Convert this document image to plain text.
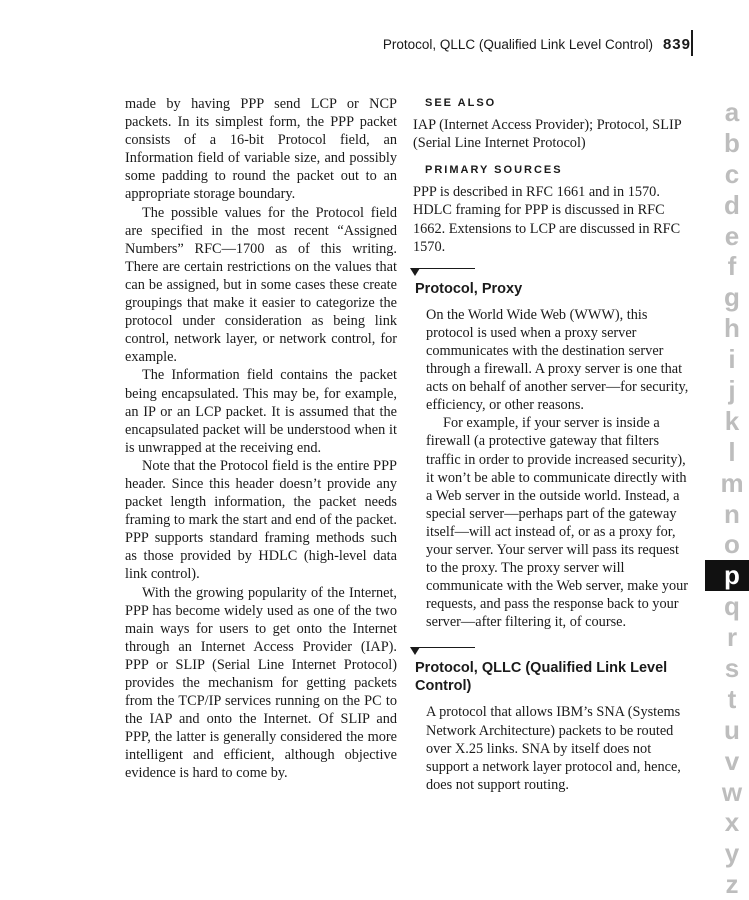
Protocol, QLLC (Qualified Link Level Control) 839

made by having PPP send LCP or NCP packets. In its simplest form, the PPP packet consists of a 16-bit Protocol field, an Information field of variable size, and possibly some padding to round the packet out to an appropriate storage boundary.

The possible values for the Protocol field are specified in the most recent “Assigned Numbers” RFC—1700 as of this writing. There are certain restrictions on the values that can be assigned, but in some cases these create groupings that make it easier to categorize the protocol under consideration as being link control, network layer, or network control, for example.

The Information field contains the packet being encapsulated. This may be, for example, an IP or an LCP packet. It is assumed that the encapsulated packet will be understood when it is unwrapped at the receiving end.

Note that the Protocol field is the entire PPP header. Since this header doesn’t provide any packet length information, the packet needs framing to mark the start and end of the packet. PPP supports standard framing methods such as those provided by HDLC (high-level data link control).

With the growing popularity of the Internet, PPP has become widely used as one of the two main ways for users to get onto the Internet through an Internet Access Provider (IAP). PPP or SLIP (Serial Line Internet Protocol) provides the mechanism for getting packets from the TCP/IP services running on the PC to the IAP and onto the Internet. Of SLIP and PPP, the latter is generally considered the more intelligent and efficient, although objective evidence is hard to come by.

SEE ALSO

IAP (Internet Access Provider); Protocol, SLIP (Serial Line Internet Protocol)

PRIMARY SOURCES

PPP is described in RFC 1661 and in 1570. HDLC framing for PPP is discussed in RFC 1662. Extensions to LCP are discussed in RFC 1570.

Protocol, Proxy

On the World Wide Web (WWW), this protocol is used when a proxy server communicates with the destination server through a firewall. A proxy server is one that acts on behalf of another server—for security, efficiency, or other reasons.

For example, if your server is inside a firewall (a protective gateway that filters traffic in order to provide increased security), it won’t be able to communicate directly with a Web server in the outside world. Instead, a special server—perhaps part of the gateway itself—will act instead of, or as a proxy for, your server. Your server will pass its request to the proxy. The proxy server will communicate with the Web server, make your requests, and pass the response back to your server—after filtering it, of course.

Protocol, QLLC (Qualified Link Level Control)

A protocol that allows IBM’s SNA (Systems Network Architecture) packets to be routed over X.25 links. SNA by itself does not support a network layer protocol and, hence, does not support routing.

a
b
c
d
e
f
g
h
i
j
k
l
m
n
o
p
q
r
s
t
u
v
w
x
y
z
